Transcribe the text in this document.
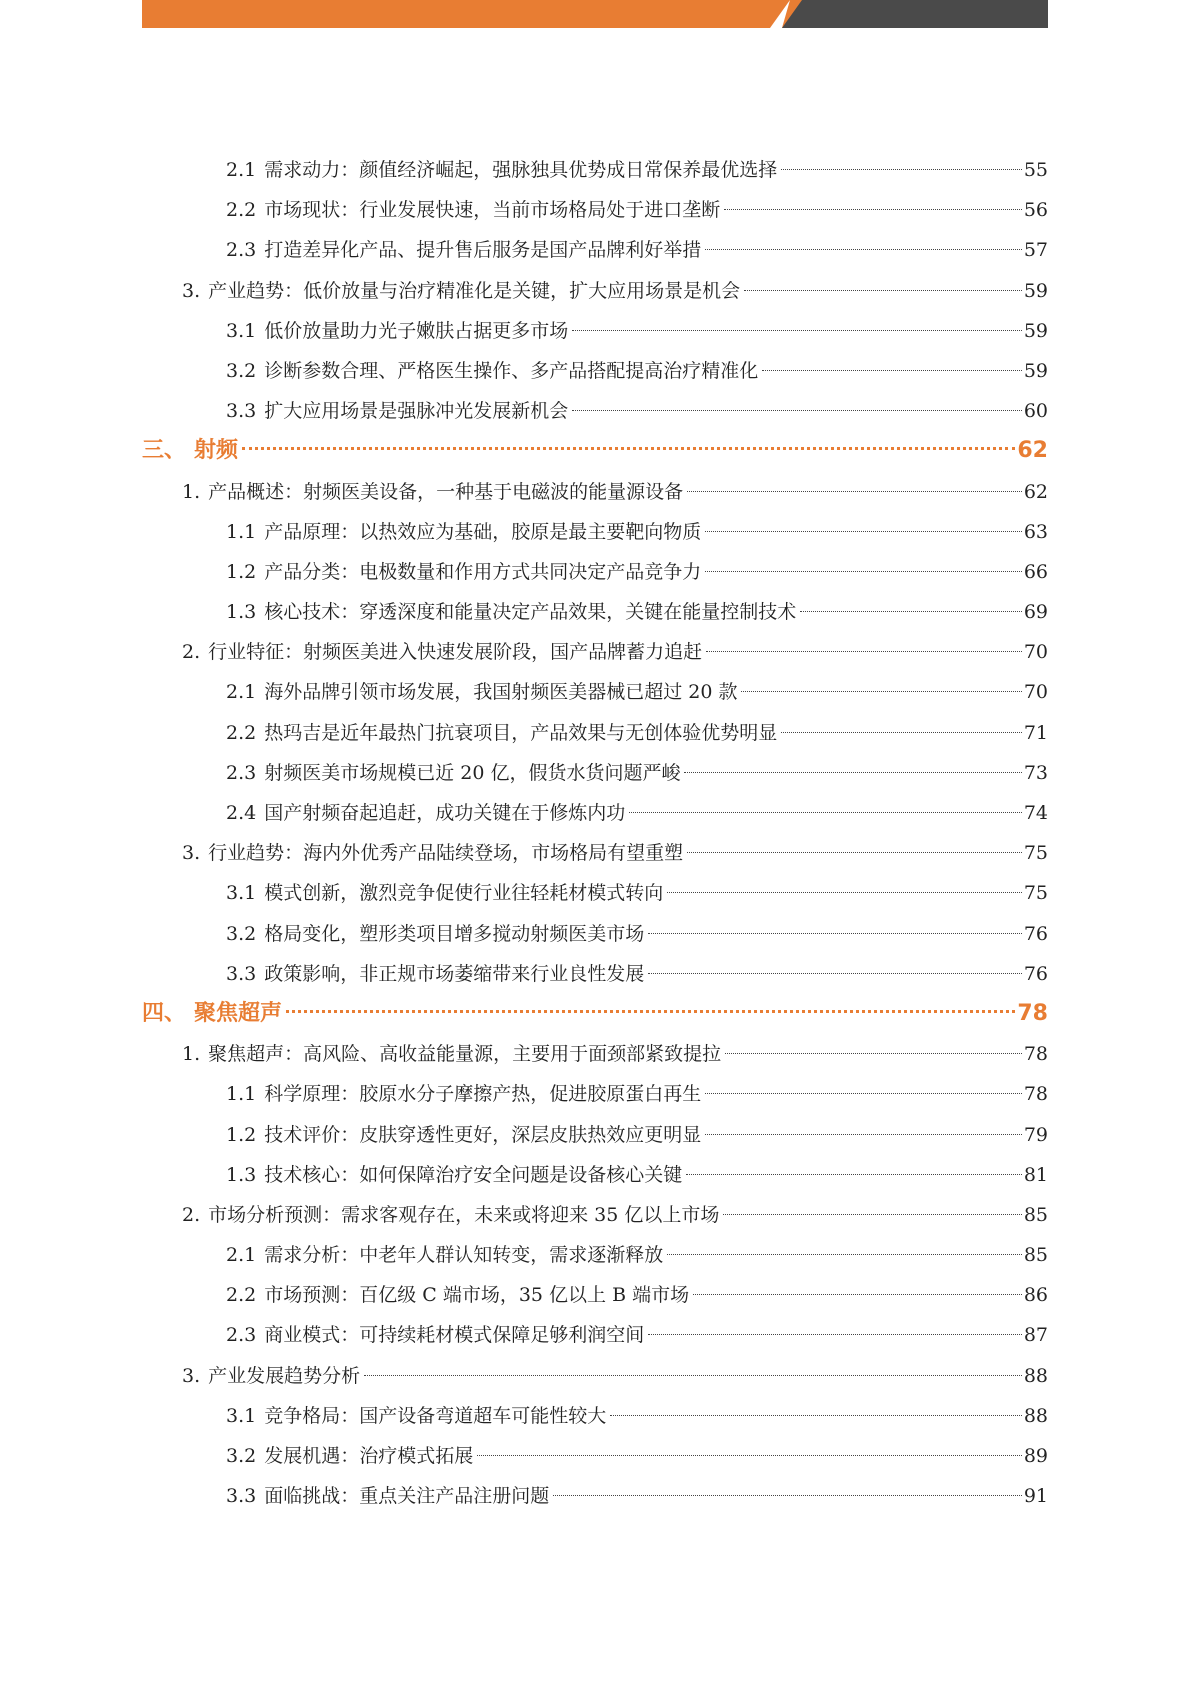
2.1 需求动力：颜值经济崛起，强脉独具优势成日常保养最优选择	55
2.2 市场现状：行业发展快速，当前市场格局处于进口垄断	56
2.3 打造差异化产品、提升售后服务是国产品牌利好举措	57
3. 产业趋势：低价放量与治疗精准化是关键，扩大应用场景是机会	59
3.1 低价放量助力光子嫩肤占据更多市场	59
3.2 诊断参数合理、严格医生操作、多产品搭配提高治疗精准化	59
3.3 扩大应用场景是强脉冲光发展新机会	60
三、 射频	62
1. 产品概述：射频医美设备，一种基于电磁波的能量源设备	62
1.1 产品原理：以热效应为基础，胶原是最主要靶向物质	63
1.2 产品分类：电极数量和作用方式共同决定产品竞争力	66
1.3 核心技术：穿透深度和能量决定产品效果，关键在能量控制技术	69
2. 行业特征：射频医美进入快速发展阶段，国产品牌蓄力追赶	70
2.1 海外品牌引领市场发展，我国射频医美器械已超过 20 款	70
2.2 热玛吉是近年最热门抗衰项目，产品效果与无创体验优势明显	71
2.3 射频医美市场规模已近 20 亿，假货水货问题严峻	73
2.4 国产射频奋起追赶，成功关键在于修炼内功	74
3. 行业趋势：海内外优秀产品陆续登场，市场格局有望重塑	75
3.1 模式创新，激烈竞争促使行业往轻耗材模式转向	75
3.2 格局变化，塑形类项目增多搅动射频医美市场	76
3.3 政策影响，非正规市场萎缩带来行业良性发展	76
四、 聚焦超声	78
1. 聚焦超声：高风险、高收益能量源，主要用于面颈部紧致提拉	78
1.1 科学原理：胶原水分子摩擦产热，促进胶原蛋白再生	78
1.2 技术评价：皮肤穿透性更好，深层皮肤热效应更明显	79
1.3 技术核心：如何保障治疗安全问题是设备核心关键	81
2. 市场分析预测：需求客观存在，未来或将迎来 35 亿以上市场	85
2.1 需求分析：中老年人群认知转变，需求逐渐释放	85
2.2 市场预测：百亿级 C 端市场，35 亿以上 B 端市场	86
2.3 商业模式：可持续耗材模式保障足够利润空间	87
3. 产业发展趋势分析	88
3.1 竞争格局：国产设备弯道超车可能性较大	88
3.2 发展机遇：治疗模式拓展	89
3.3 面临挑战：重点关注产品注册问题	91
